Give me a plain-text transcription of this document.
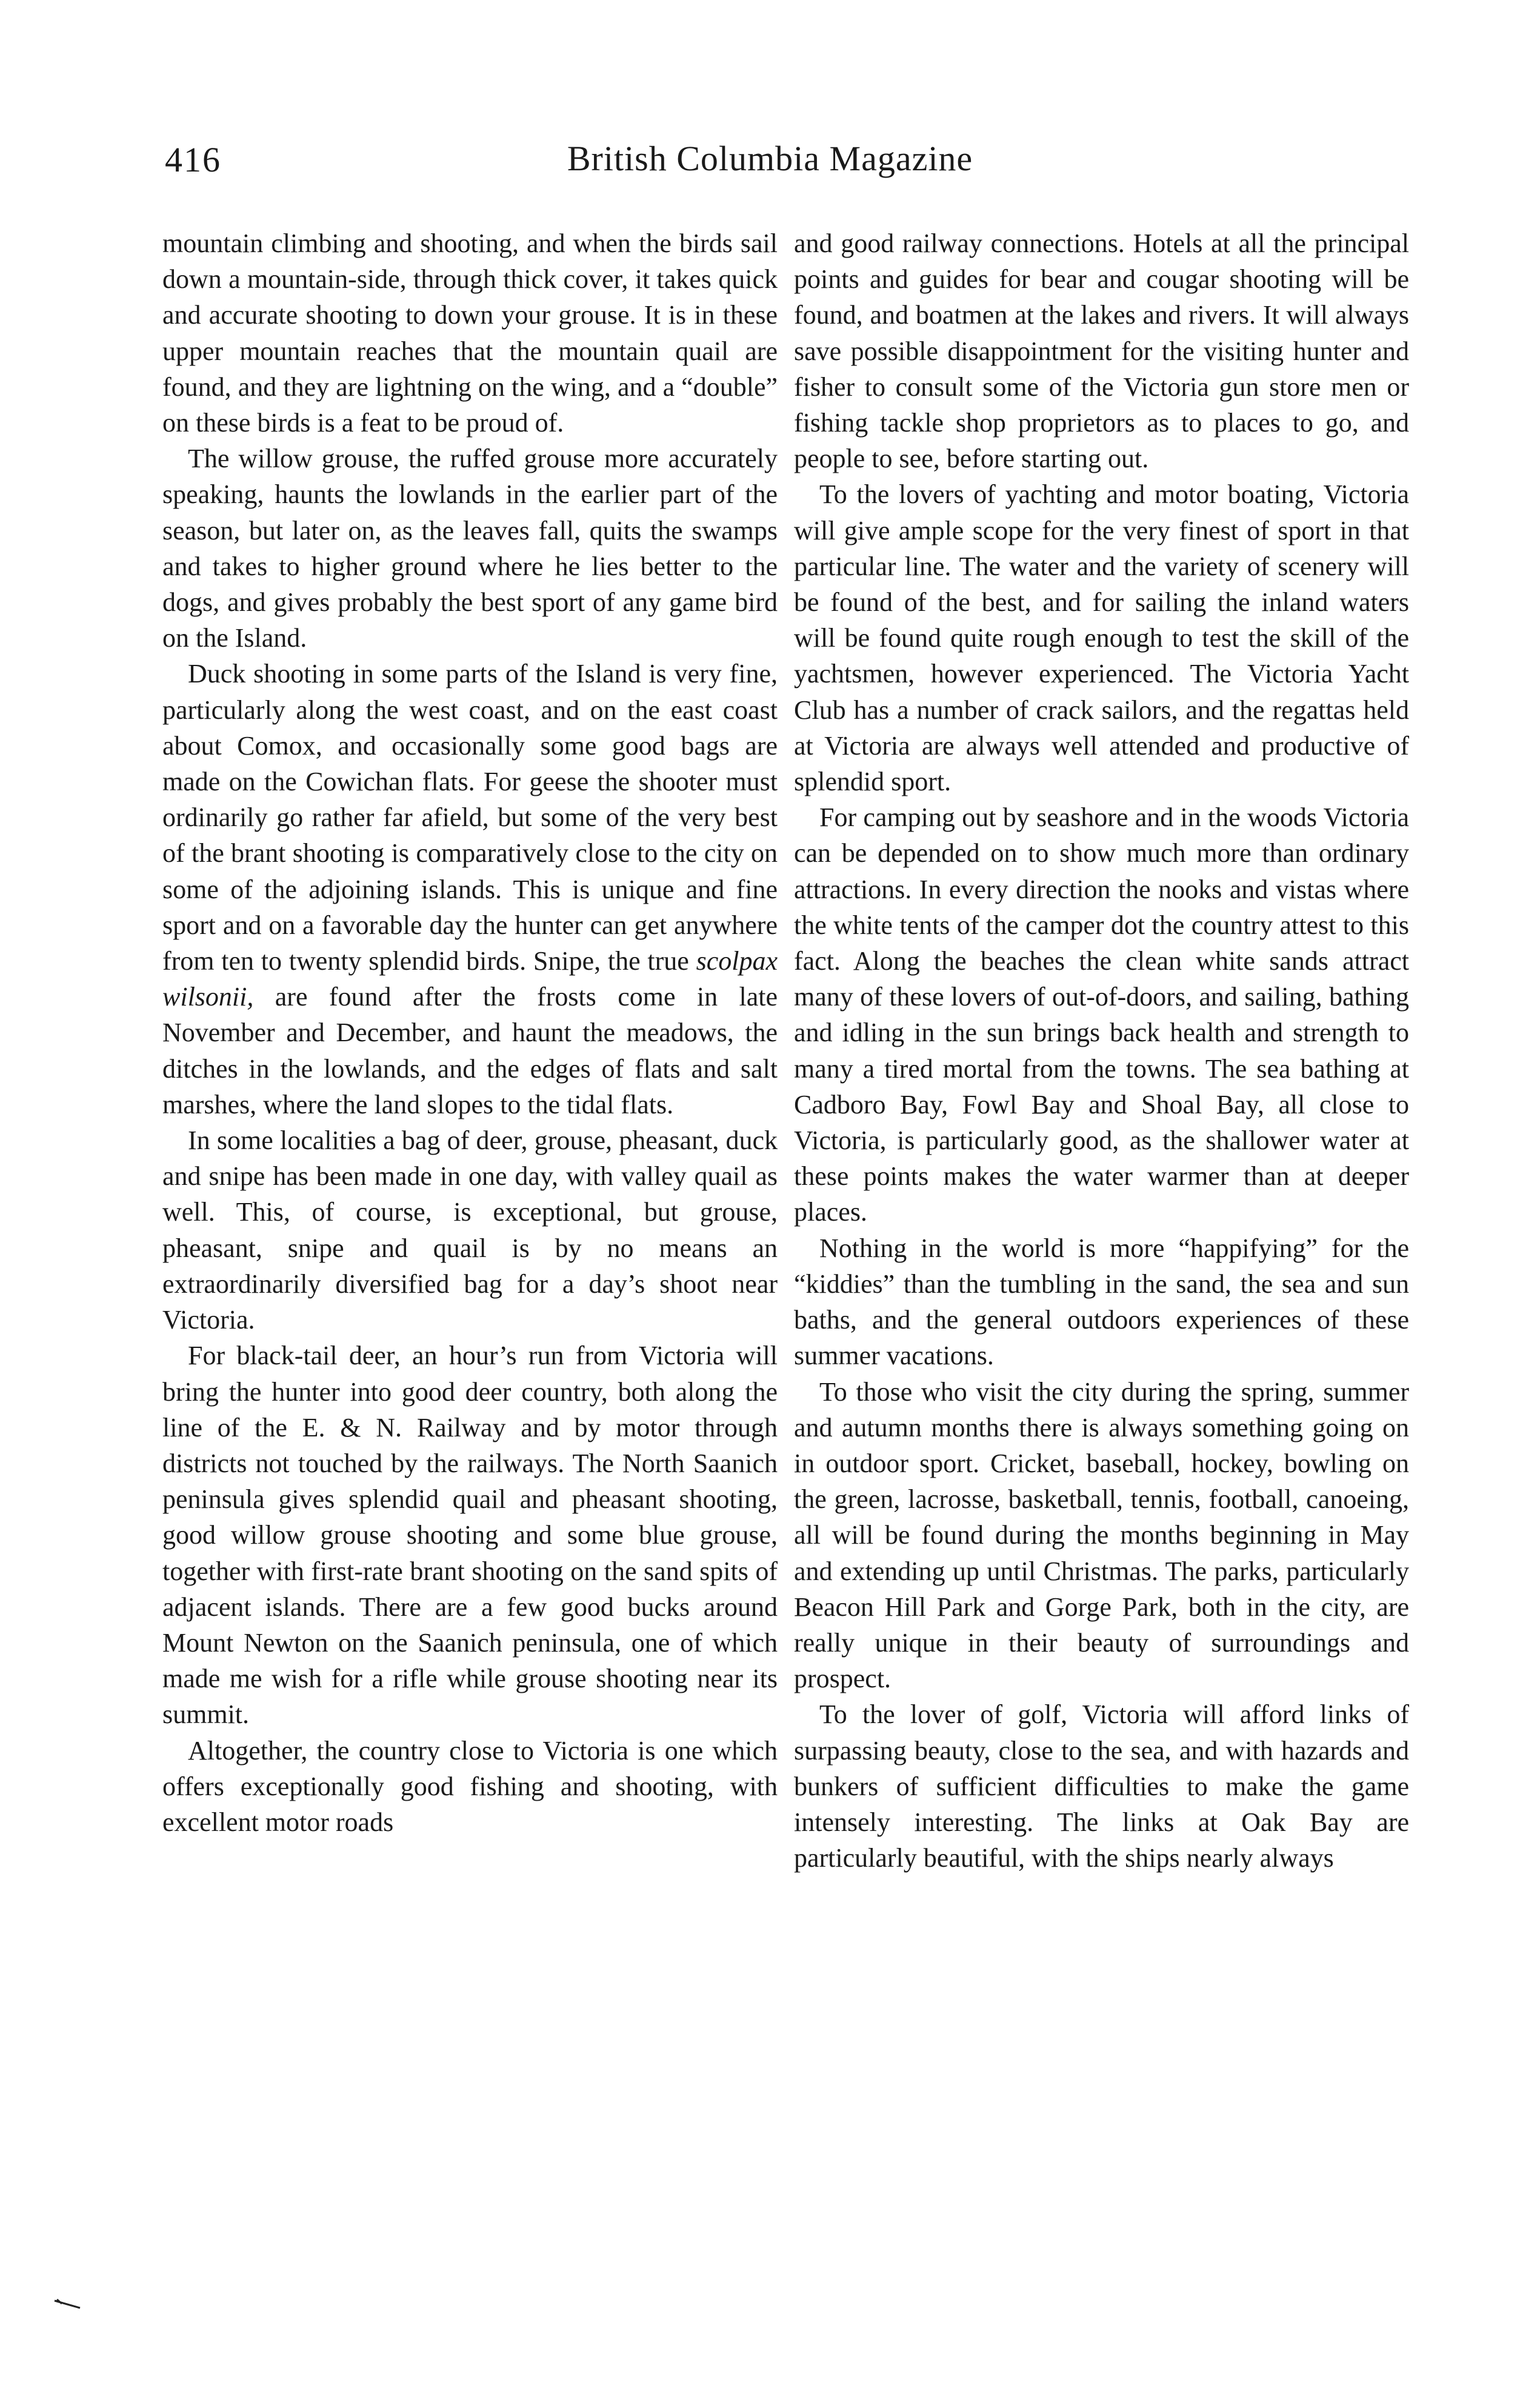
416	British Columbia Magazine

mountain climbing and shooting, and when the birds sail down a mountain-side, through thick cover, it takes quick and accurate shooting to down your grouse. It is in these upper mountain reaches that the mountain quail are found, and they are lightning on the wing, and a “double” on these birds is a feat to be proud of.

The willow grouse, the ruffed grouse more accurately speaking, haunts the lowlands in the earlier part of the season, but later on, as the leaves fall, quits the swamps and takes to higher ground where he lies better to the dogs, and gives probably the best sport of any game bird on the Island.

Duck shooting in some parts of the Island is very fine, particularly along the west coast, and on the east coast about Comox, and occasionally some good bags are made on the Cowichan flats. For geese the shooter must ordinarily go rather far afield, but some of the very best of the brant shooting is comparatively close to the city on some of the adjoining islands. This is unique and fine sport and on a favorable day the hunter can get anywhere from ten to twenty splendid birds. Snipe, the true scolpax wilsonii, are found after the frosts come in late November and December, and haunt the meadows, the ditches in the lowlands, and the edges of flats and salt marshes, where the land slopes to the tidal flats.

In some localities a bag of deer, grouse, pheasant, duck and snipe has been made in one day, with valley quail as well. This, of course, is exceptional, but grouse, pheasant, snipe and quail is by no means an extraordinarily diversified bag for a day’s shoot near Victoria.

For black-tail deer, an hour’s run from Victoria will bring the hunter into good deer country, both along the line of the E. & N. Railway and by motor through districts not touched by the railways. The North Saanich peninsula gives splendid quail and pheasant shooting, good willow grouse shooting and some blue grouse, together with first-rate brant shooting on the sand spits of adjacent islands. There are a few good bucks around Mount Newton on the Saanich peninsula, one of which made me wish for a rifle while grouse shooting near its summit.

Altogether, the country close to Victoria is one which offers exceptionally good fishing and shooting, with excellent motor roads

and good railway connections. Hotels at all the principal points and guides for bear and cougar shooting will be found, and boatmen at the lakes and rivers. It will always save possible disappointment for the visiting hunter and fisher to consult some of the Victoria gun store men or fishing tackle shop proprietors as to places to go, and people to see, before starting out.

To the lovers of yachting and motor boating, Victoria will give ample scope for the very finest of sport in that particular line. The water and the variety of scenery will be found of the best, and for sailing the inland waters will be found quite rough enough to test the skill of the yachtsmen, however experienced. The Victoria Yacht Club has a number of crack sailors, and the regattas held at Victoria are always well attended and productive of splendid sport.

For camping out by seashore and in the woods Victoria can be depended on to show much more than ordinary attractions. In every direction the nooks and vistas where the white tents of the camper dot the country attest to this fact. Along the beaches the clean white sands attract many of these lovers of out-of-doors, and sailing, bathing and idling in the sun brings back health and strength to many a tired mortal from the towns. The sea bathing at Cadboro Bay, Fowl Bay and Shoal Bay, all close to Victoria, is particularly good, as the shallower water at these points makes the water warmer than at deeper places.

Nothing in the world is more “happifying” for the “kiddies” than the tumbling in the sand, the sea and sun baths, and the general outdoors experiences of these summer vacations.

To those who visit the city during the spring, summer and autumn months there is always something going on in outdoor sport. Cricket, baseball, hockey, bowling on the green, lacrosse, basketball, tennis, football, canoeing, all will be found during the months beginning in May and extending up until Christmas. The parks, particularly Beacon Hill Park and Gorge Park, both in the city, are really unique in their beauty of surroundings and prospect.

To the lover of golf, Victoria will afford links of surpassing beauty, close to the sea, and with hazards and bunkers of sufficient difficulties to make the game intensely interesting. The links at Oak Bay are particularly beautiful, with the ships nearly always
